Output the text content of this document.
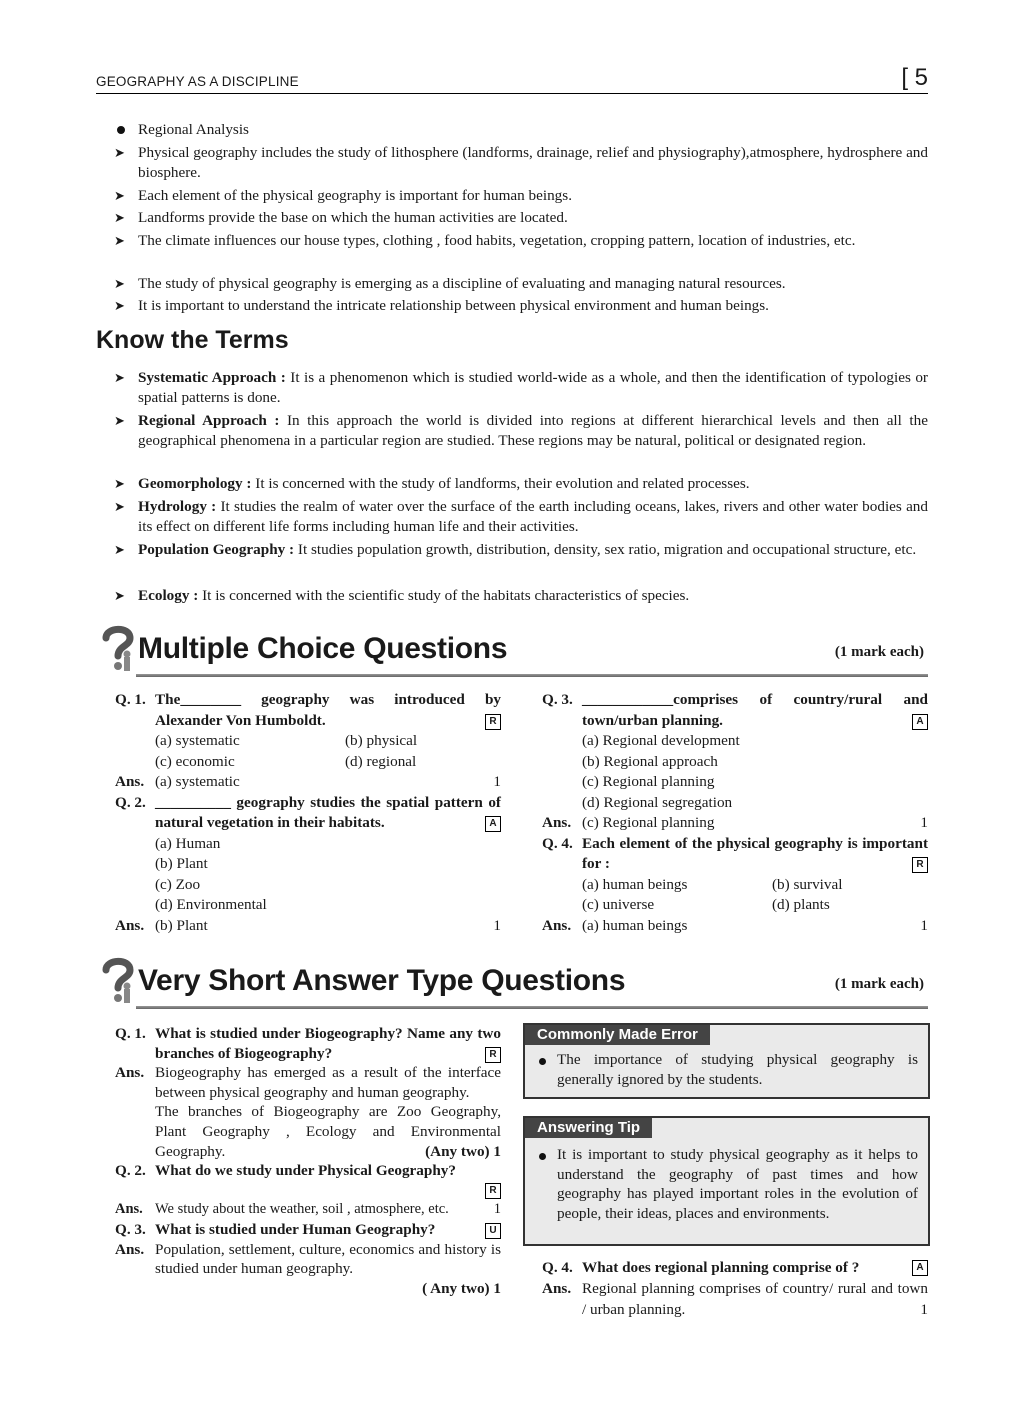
GEOGRAPHY AS A DISCIPLINE	[ 5
Regional Analysis
➤ Physical geography includes the study of lithosphere (landforms, drainage, relief and physiography),atmosphere, hydrosphere and biosphere.
➤ Each element of the physical geography is important for human beings.
➤ Landforms provide the base on which the human activities are located.
➤ The climate influences our house types, clothing , food habits, vegetation, cropping pattern, location of industries, etc.
➤ The study of physical geography is emerging as a discipline of evaluating and managing natural resources.
➤ It is important to understand the intricate relationship between physical environment and human beings.
Know the Terms
➤ Systematic Approach : It is a phenomenon which is studied world-wide as a whole, and then the identification of typologies or spatial patterns is done.
➤ Regional Approach : In this approach the world is divided into regions at different hierarchical levels and then all the geographical phenomena in a particular region are studied. These regions may be natural, political or designated region.
➤ Geomorphology : It is concerned with the study of landforms, their evolution and related processes.
➤ Hydrology : It studies the realm of water over the surface of the earth including oceans, lakes, rivers and other water bodies and its effect on different life forms including human life and their activities.
➤ Population Geography : It studies population growth, distribution, density, sex ratio, migration and occupational structure, etc.
➤ Ecology : It is concerned with the scientific study of the habitats characteristics of species.
Multiple Choice Questions	(1 mark each)
Q. 1. The________ geography was introduced by Alexander Von Humboldt.	R
(a) systematic	(b) physical
(c) economic	(d) regional
Ans. (a) systematic	1
Q. 2. __________ geography studies the spatial pattern of natural vegetation in their habitats.	A
(a) Human
(b) Plant
(c) Zoo
(d) Environmental
Ans. (b) Plant	1
Q. 3. ____________comprises of country/rural and town/urban planning.	A
(a) Regional development
(b) Regional approach
(c) Regional planning
(d) Regional segregation
Ans. (c) Regional planning	1
Q. 4. Each element of the physical geography is important for :	R
(a) human beings	(b) survival
(c) universe	(d) plants
Ans. (a) human beings	1
Very Short Answer Type Questions	(1 mark each)
Q. 1. What is studied under Biogeography? Name any two branches of Biogeography?	R
Ans. Biogeography has emerged as a result of the interface between physical geography and human geography.
The branches of Biogeography are Zoo Geography, Plant Geography , Ecology and Environmental Geography.	(Any two) 1
Q. 2. What do we study under Physical Geography?

R

Ans. We study about the weather, soil , atmosphere, etc.	1
Q. 3. What is studied under Human Geography?	U
Ans. Population, settlement, culture, economics and history is studied under human geography.
( Any two) 1
Commonly Made Error
The importance of studying physical geography is generally ignored by the students.
Answering Tip
It is important to study physical geography as it helps to understand the geography of past times and how geography has played important roles in the evolution of people, their ideas, places and environments.
Q. 4. What does regional planning comprise of ?	A
Ans. Regional planning comprises of country/ rural and town / urban planning.	1
